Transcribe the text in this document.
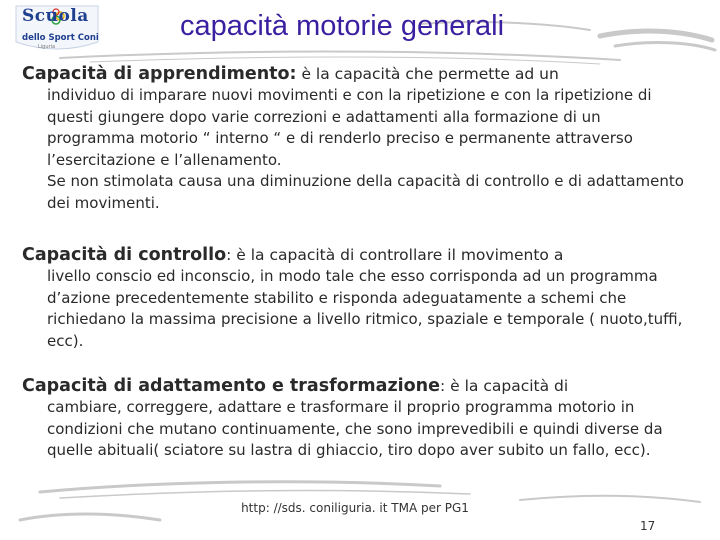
Scuola
dello Sport Coni
Liguria
capacità motorie generali
Capacità di apprendimento: è la capacità che permette ad un

individuo di imparare nuovi movimenti e con la ripetizione e con la ripetizione di questi giungere dopo varie correzioni e adattamenti alla formazione di un programma motorio “ interno “ e di renderlo preciso e permanente attraverso l’esercitazione e l’allenamento.

Se non stimolata causa una diminuzione della capacità di controllo e di adattamento dei movimenti.

Capacità di controllo: è la capacità di controllare il movimento a

livello conscio ed inconscio, in modo tale che esso corrisponda ad un programma d’azione precedentemente stabilito e risponda adeguatamente a schemi che richiedano la massima precisione a livello ritmico, spaziale e temporale ( nuoto,tuffi, ecc).

Capacità di adattamento e trasformazione: è la capacità di

cambiare, correggere, adattare e trasformare il proprio programma motorio in condizioni che mutano continuamente, che sono imprevedibili e quindi diverse da quelle abituali( sciatore su lastra di ghiaccio, tiro dopo aver subito un fallo, ecc).

http: //sds. coniliguria. it TMA per PG1
17
